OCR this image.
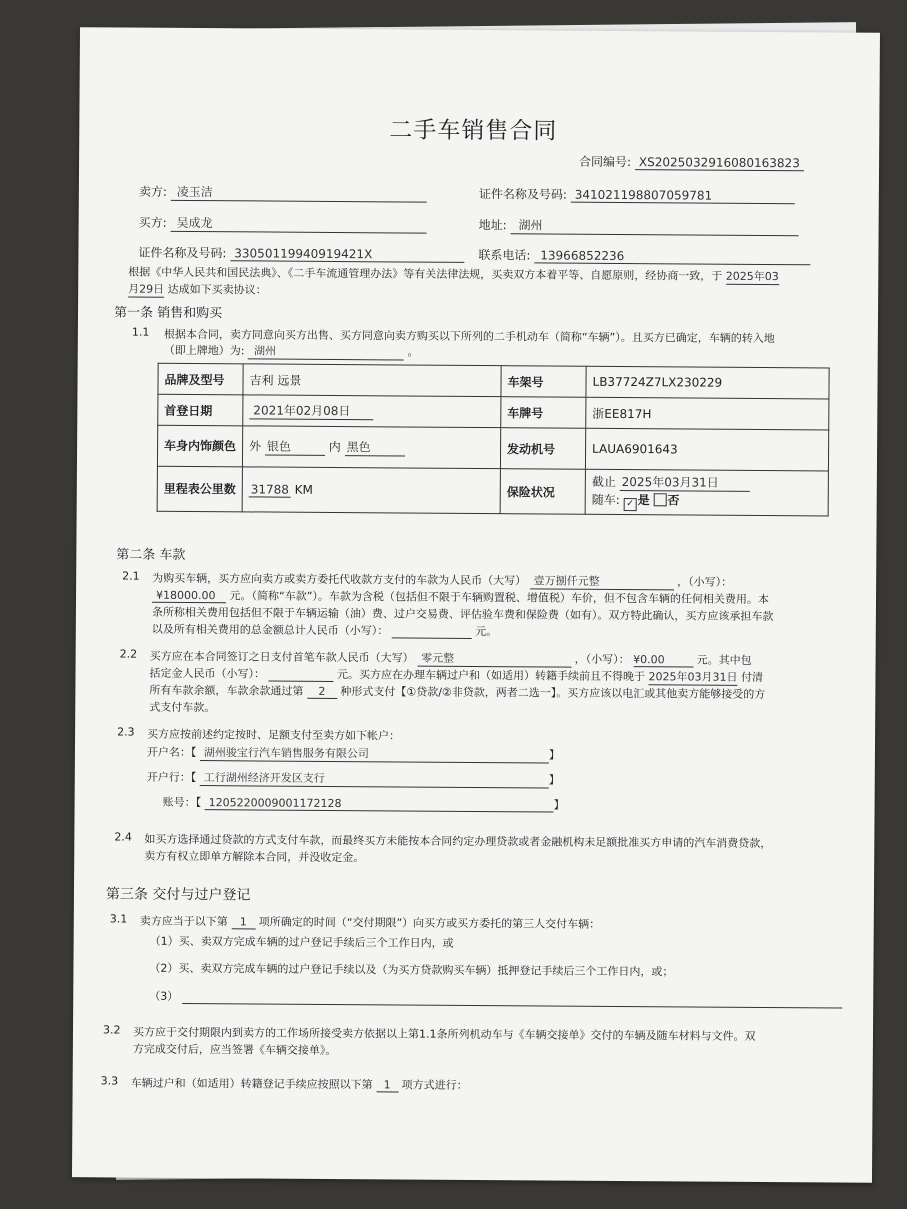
二手车销售合同
合同编号: XS2025032916080163823
卖方: 凌玉洁	证件名称及号码: 341021198807059781
买方: 吴成龙	地址: 湖州
证件名称及号码: 33050119940919421X	联系电话: 13966852236
根据《中华人民共和国民法典》、《二手车流通管理办法》等有关法律法规，买卖双方本着平等、自愿原则，经协商一致，于 2025年03
月29日 达成如下买卖协议：
第一条 销售和购买
1.1 根据本合同，卖方同意向买方出售、买方同意向卖方购买以下所列的二手机动车（简称“车辆”）。且买方已确定，车辆的转入地
（即上牌地）为: 湖州	。
品牌及型号	吉利 远景	车架号	LB37724Z7LX230229
首登日期	2021年02月08日	车牌号	浙EE817H
车身内饰颜色	外 银色 内 黑色	发动机号	LAUA6901643
里程表公里数	31788 KM	保险状况	截止 2025年03月31日
随车: ✓ 是 否
第二条 车款
2.1 为购买车辆，买方应向卖方或卖方委托代收款方支付的车款为人民币（大写） 壹万捌仟元整	，（小写）：
¥18000.00 元。（简称“车款”）。车款为含税（包括但不限于车辆购置税、增值税）车价，但不包含车辆的任何相关费用。本
条所称相关费用包括但不限于车辆运输（油）费、过户交易费、评估验车费和保险费（如有）。双方特此确认，买方应该承担车款
以及所有相关费用的总金额总计人民币（小写）：	元。
2.2 买方应在本合同签订之日支付首笔车款人民币（大写） 零元整	，（小写）： ¥0.00	元。其中包
括定金人民币（小写）：	元。买方应在办理车辆过户和（如适用）转籍手续前且不得晚于 2025年03月31日 付清
所有车款余额，车款余款通过第 2 种形式支付【①贷款/②非贷款，两者二选一】。买方应该以电汇或其他卖方能够接受的方
式支付车款。
2.3 买方应按前述约定按时、足额支付至卖方如下帐户：
开户名：【 湖州骏宝行汽车销售服务有限公司	】
开户行：【 工行湖州经济开发区支行	】
账号：【 1205220009001172128	】
2.4 如买方选择通过贷款的方式支付车款，而最终买方未能按本合同约定办理贷款或者金融机构未足额批准买方申请的汽车消费贷款，
卖方有权立即单方解除本合同，并没收定金。
第三条 交付与过户登记
3.1 卖方应当于以下第 1 项所确定的时间（“交付期限”）向买方或买方委托的第三人交付车辆：
（1）买、卖双方完成车辆的过户登记手续后三个工作日内，或
（2）买、卖双方完成车辆的过户登记手续以及（为买方贷款购买车辆）抵押登记手续后三个工作日内，或；
（3）
3.2 买方应于交付期限内到卖方的工作场所接受卖方依据以上第1.1条所列机动车与《车辆交接单》交付的车辆及随车材料与文件。双
方完成交付后，应当签署《车辆交接单》。
3.3 车辆过户和（如适用）转籍登记手续应按照以下第 1 项方式进行：
